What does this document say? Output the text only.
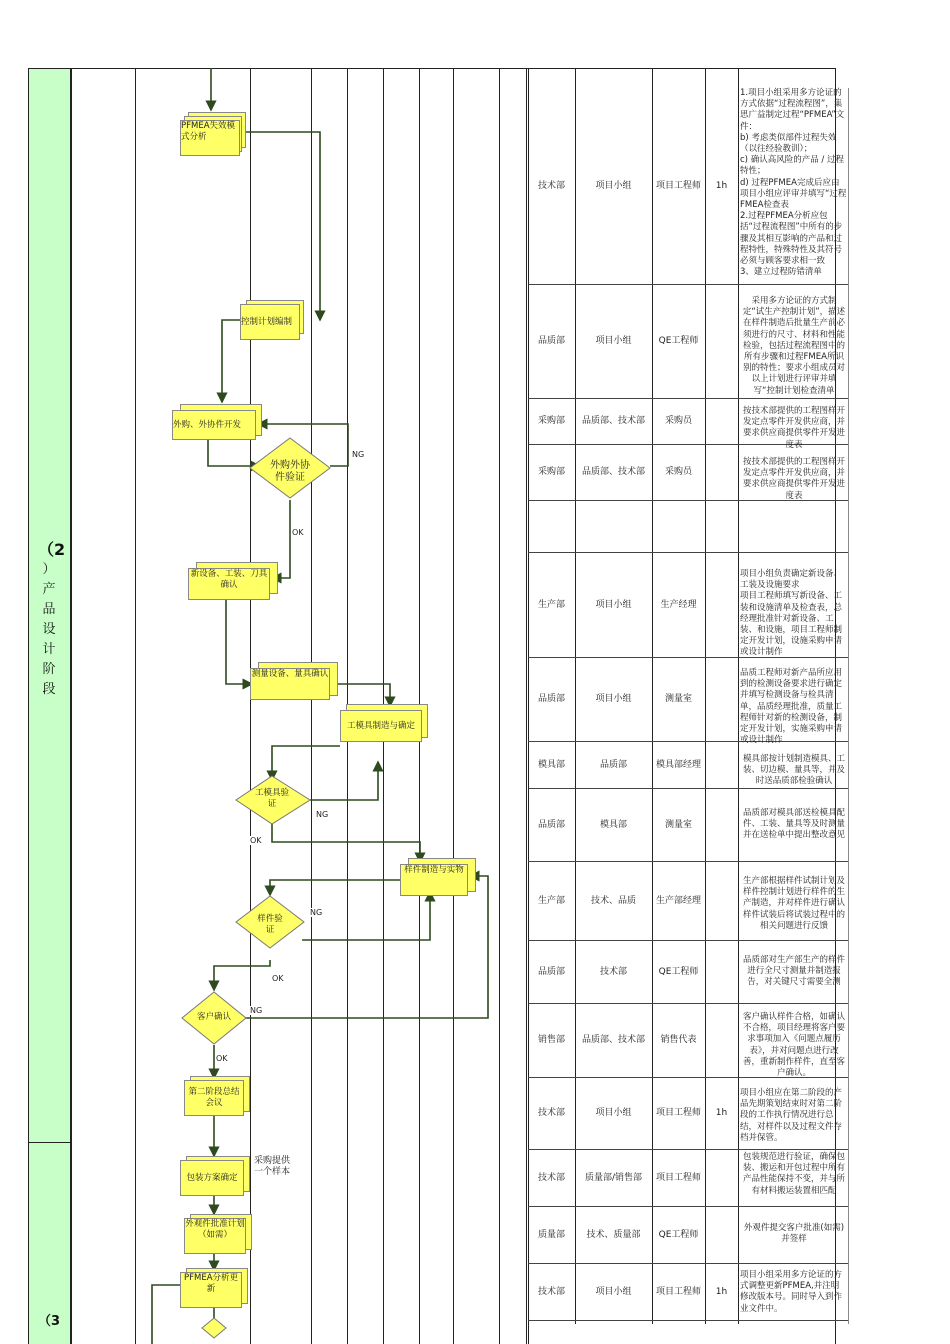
（2
）产品设计阶段
（3
技术部	项目小组	项目工程师	1h
1.项目小组采用多方论证的方式依据“过程流程图”，集思广益制定过程“PFMEA”文件：
b) 考虑类似部件过程失效（以往经验教训）；
c) 确认高风险的产品 / 过程特性；
d) 过程PFMEA完成后应由项目小组应评审并填写“过程FMEA检查表
2.过程PFMEA分析应包括“过程流程图”中所有的步骤及其相互影响的产品和过程特性，特殊特性及其符号必须与顾客要求相一致
3、建立过程防错清单
品质部	项目小组	QE工程师
采用多方论证的方式制定“试生产控制计划”，描述在样件制造后批量生产前必须进行的尺寸、材料和性能检验，包括过程流程图中的所有步骤和过程FMEA所识别的特性；要求小组成员对以上计划进行评审并填写“控制计划检查清单
采购部	品质部、技术部	采购员
按技术部提供的工程图样开发定点零件开发供应商，并要求供应商提供零件开发进度表
采购部	品质部、技术部	采购员
按技术部提供的工程图样开发定点零件开发供应商，并要求供应商提供零件开发进度表
生产部	项目小组	生产经理
项目小组负责确定新设备、工装及设施要求
项目工程师填写新设备、工装和设施清单及检查表，总经理批准针对新设备、工装、和设施，项目工程师制定开发计划，设施采购申请或设计制作
品质部	项目小组	测量室
品质工程师对新产品所应用到的检测设备要求进行确定并填写检测设备与检具清单，品质经理批准，质量工程师针对新的检测设备，制定开发计划，实施采购申请或设计制作
模具部	品质部	模具部经理
模具部按计划制造模具、工装、切边模、量具等，并及时送品质部检验确认
品质部	模具部	测量室
品质部对模具部送检模具配件、工装、量具等及时测量并在送检单中提出整改意见
生产部	技术、品质	生产部经理
生产部根据样件试制计划及样件控制计划进行样件的生产制造，并对样件进行确认样件试装后将试装过程中的相关问题进行反馈
品质部	技术部	QE工程师
品质部对生产部生产的样件进行全尺寸测量并制造报告，对关键尺寸需要全测
销售部	品质部、技术部	销售代表
客户确认样件合格，如确认不合格，项目经理将客户要求事项加入《问题点履历表》，并对问题点进行改善，重新制作样件，直至客户确认。
技术部	项目小组	项目工程师	1h
项目小组应在第二阶段的产品先期策划结束时对第二阶段的工作执行情况进行总结，对样件以及过程文件存档并保管。
技术部	质量部/销售部	项目工程师
包装规范进行验证，确保包装、搬运和开包过程中所有产品性能保持不变，并与所有材料搬运装置相匹配
质量部	技术、质量部	QE工程师
外观件提交客户批准(如需)并签样
技术部	项目小组	项目工程师	1h
项目小组采用多方论证的方式调整更新PFMEA,并注明修改版本号。同时导入到作业文件中。
PFMEA失效模式分析
控制计划编制
外购、外协件开发
外购外协件验证
新设备、工装、刀具确认
测量设备、量具确认
工模具制造与确定
工模具验证
样件制造与实物
样件验证
客户确认
第二阶段总结会议
包装方案确定
采购提供一个样本
外观件批准计划（如需）
PFMEA分析更新
NG
OK
NG
OK
NG
OK
NG
OK
